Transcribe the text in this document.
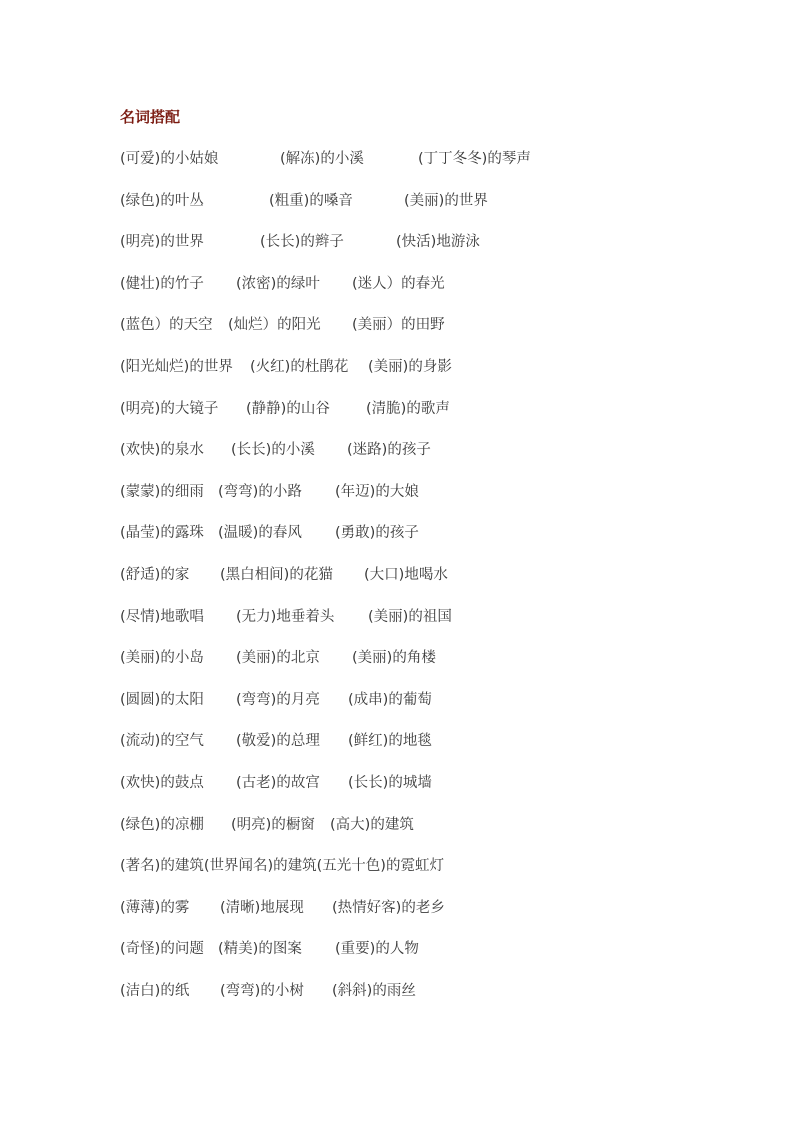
名词搭配
(可爱)的小姑娘	(解冻)的小溪	(丁丁冬冬)的琴声
(绿色)的叶丛	(粗重)的嗓音	(美丽)的世界
(明亮)的世界	(长长)的辫子	(快活)地游泳
(健壮)的竹子 (浓密)的绿叶 (迷人）的春光
(蓝色）的天空 (灿烂）的阳光 (美丽）的田野
(阳光灿烂)的世界 (火红)的杜鹃花 (美丽)的身影
(明亮)的大镜子 (静静)的山谷 (清脆)的歌声
(欢快)的泉水 (长长)的小溪 (迷路)的孩子
(蒙蒙)的细雨 (弯弯)的小路 (年迈)的大娘
(晶莹)的露珠 (温暖)的春风 (勇敢)的孩子
(舒适)的家 (黑白相间)的花猫 (大口)地喝水
(尽情)地歌唱 (无力)地垂着头 (美丽)的祖国
(美丽)的小岛 (美丽)的北京 (美丽)的角楼
(圆圆)的太阳 (弯弯)的月亮 (成串)的葡萄
(流动)的空气 (敬爱)的总理 (鲜红)的地毯
(欢快)的鼓点 (古老)的故宫 (长长)的城墙
(绿色)的凉棚 (明亮)的橱窗 (高大)的建筑
(著名)的建筑(世界闻名)的建筑(五光十色)的霓虹灯
(薄薄)的雾 (清晰)地展现 (热情好客)的老乡
(奇怪)的问题 (精美)的图案 (重要)的人物
(洁白)的纸 (弯弯)的小树 (斜斜)的雨丝
